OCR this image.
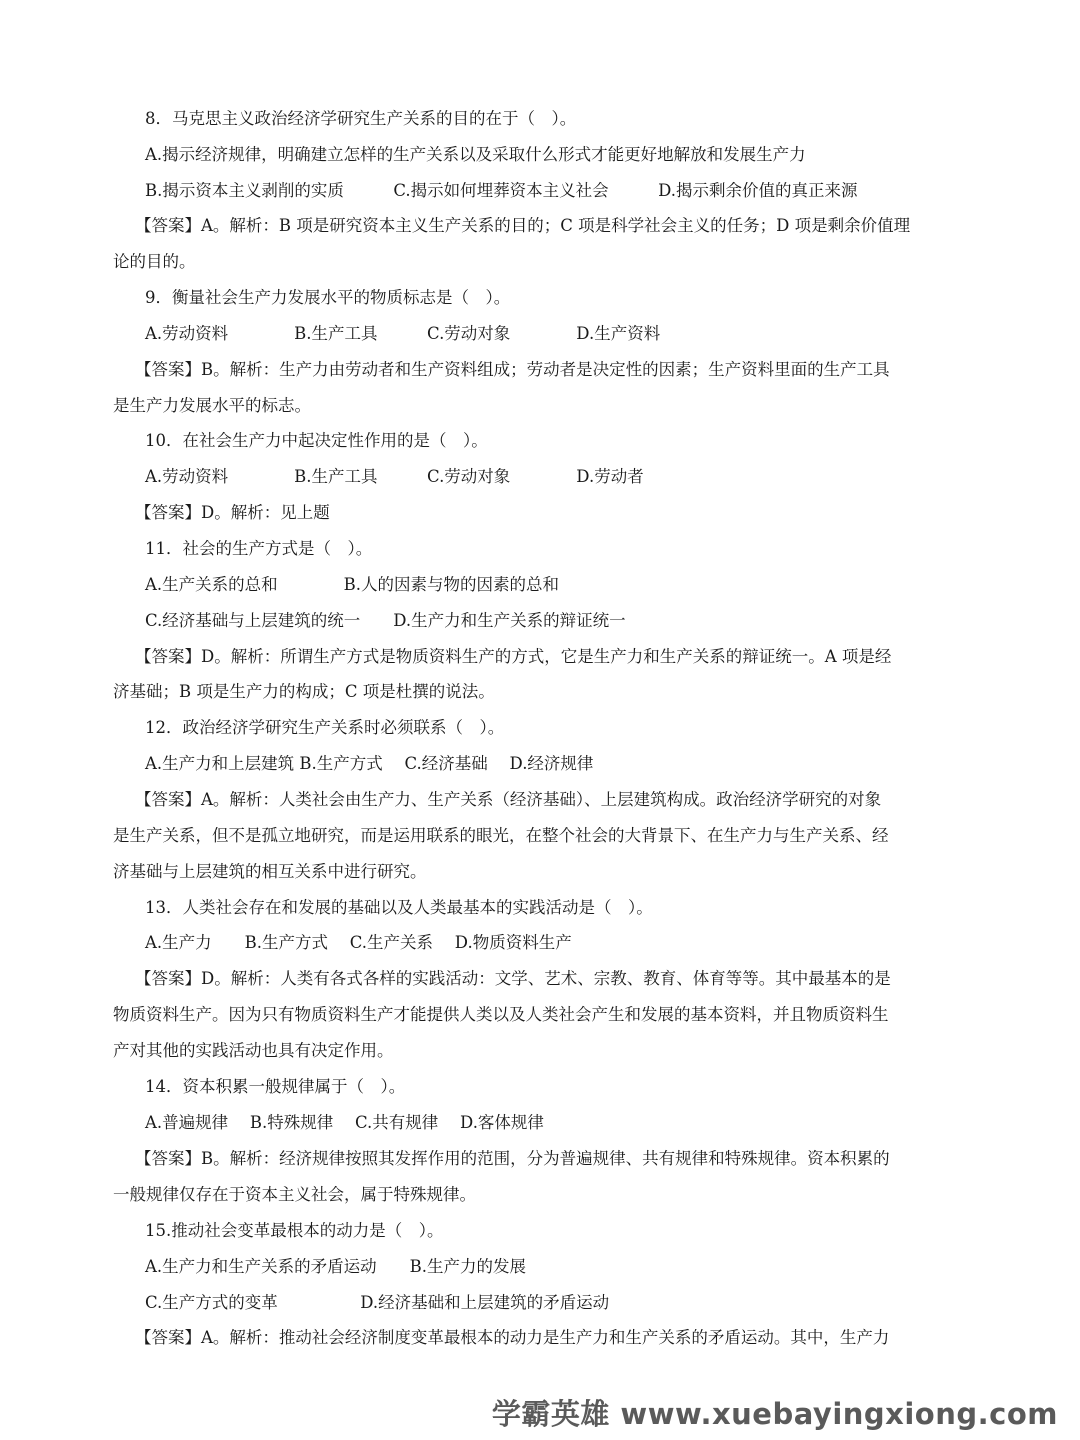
8．马克思主义政治经济学研究生产关系的目的在于（　）。
A.揭示经济规律，明确建立怎样的生产关系以及采取什么形式才能更好地解放和发展生产力
B.揭示资本主义剥削的实质　　　C.揭示如何埋葬资本主义社会　　　D.揭示剩余价值的真正来源
【答案】A。解析：B 项是研究资本主义生产关系的目的；C 项是科学社会主义的任务；D 项是剩余价值理
论的目的。
9．衡量社会生产力发展水平的物质标志是（　）。
A.劳动资料　　　　B.生产工具　　　C.劳动对象　　　　D.生产资料
【答案】B。解析：生产力由劳动者和生产资料组成；劳动者是决定性的因素；生产资料里面的生产工具
是生产力发展水平的标志。
10．在社会生产力中起决定性作用的是（　）。
A.劳动资料　　　　B.生产工具　　　C.劳动对象　　　　D.劳动者
【答案】D。解析：见上题
11．社会的生产方式是（　）。
A.生产关系的总和　　　　B.人的因素与物的因素的总和
C.经济基础与上层建筑的统一　　D.生产力和生产关系的辩证统一
【答案】D。解析：所谓生产方式是物质资料生产的方式，它是生产力和生产关系的辩证统一。A 项是经
济基础；B 项是生产力的构成；C 项是杜撰的说法。
12．政治经济学研究生产关系时必须联系（　）。
A.生产力和上层建筑 B.生产方式　 C.经济基础　 D.经济规律
【答案】A。解析：人类社会由生产力、生产关系（经济基础）、上层建筑构成。政治经济学研究的对象
是生产关系，但不是孤立地研究，而是运用联系的眼光，在整个社会的大背景下、在生产力与生产关系、经
济基础与上层建筑的相互关系中进行研究。
13．人类社会存在和发展的基础以及人类最基本的实践活动是（　）。
A.生产力　　B.生产方式　 C.生产关系　 D.物质资料生产
【答案】D。解析：人类有各式各样的实践活动：文学、艺术、宗教、教育、体育等等。其中最基本的是
物质资料生产。因为只有物质资料生产才能提供人类以及人类社会产生和发展的基本资料，并且物质资料生
产对其他的实践活动也具有决定作用。
14．资本积累一般规律属于（　）。
A.普遍规律　 B.特殊规律　 C.共有规律　 D.客体规律
【答案】B。解析：经济规律按照其发挥作用的范围，分为普遍规律、共有规律和特殊规律。资本积累的
一般规律仅存在于资本主义社会，属于特殊规律。
15.推动社会变革最根本的动力是（　）。
A.生产力和生产关系的矛盾运动　　B.生产力的发展
C.生产方式的变革　　　　　D.经济基础和上层建筑的矛盾运动
【答案】A。解析：推动社会经济制度变革最根本的动力是生产力和生产关系的矛盾运动。其中，生产力
学霸英雄 www.xuebayingxiong.com
